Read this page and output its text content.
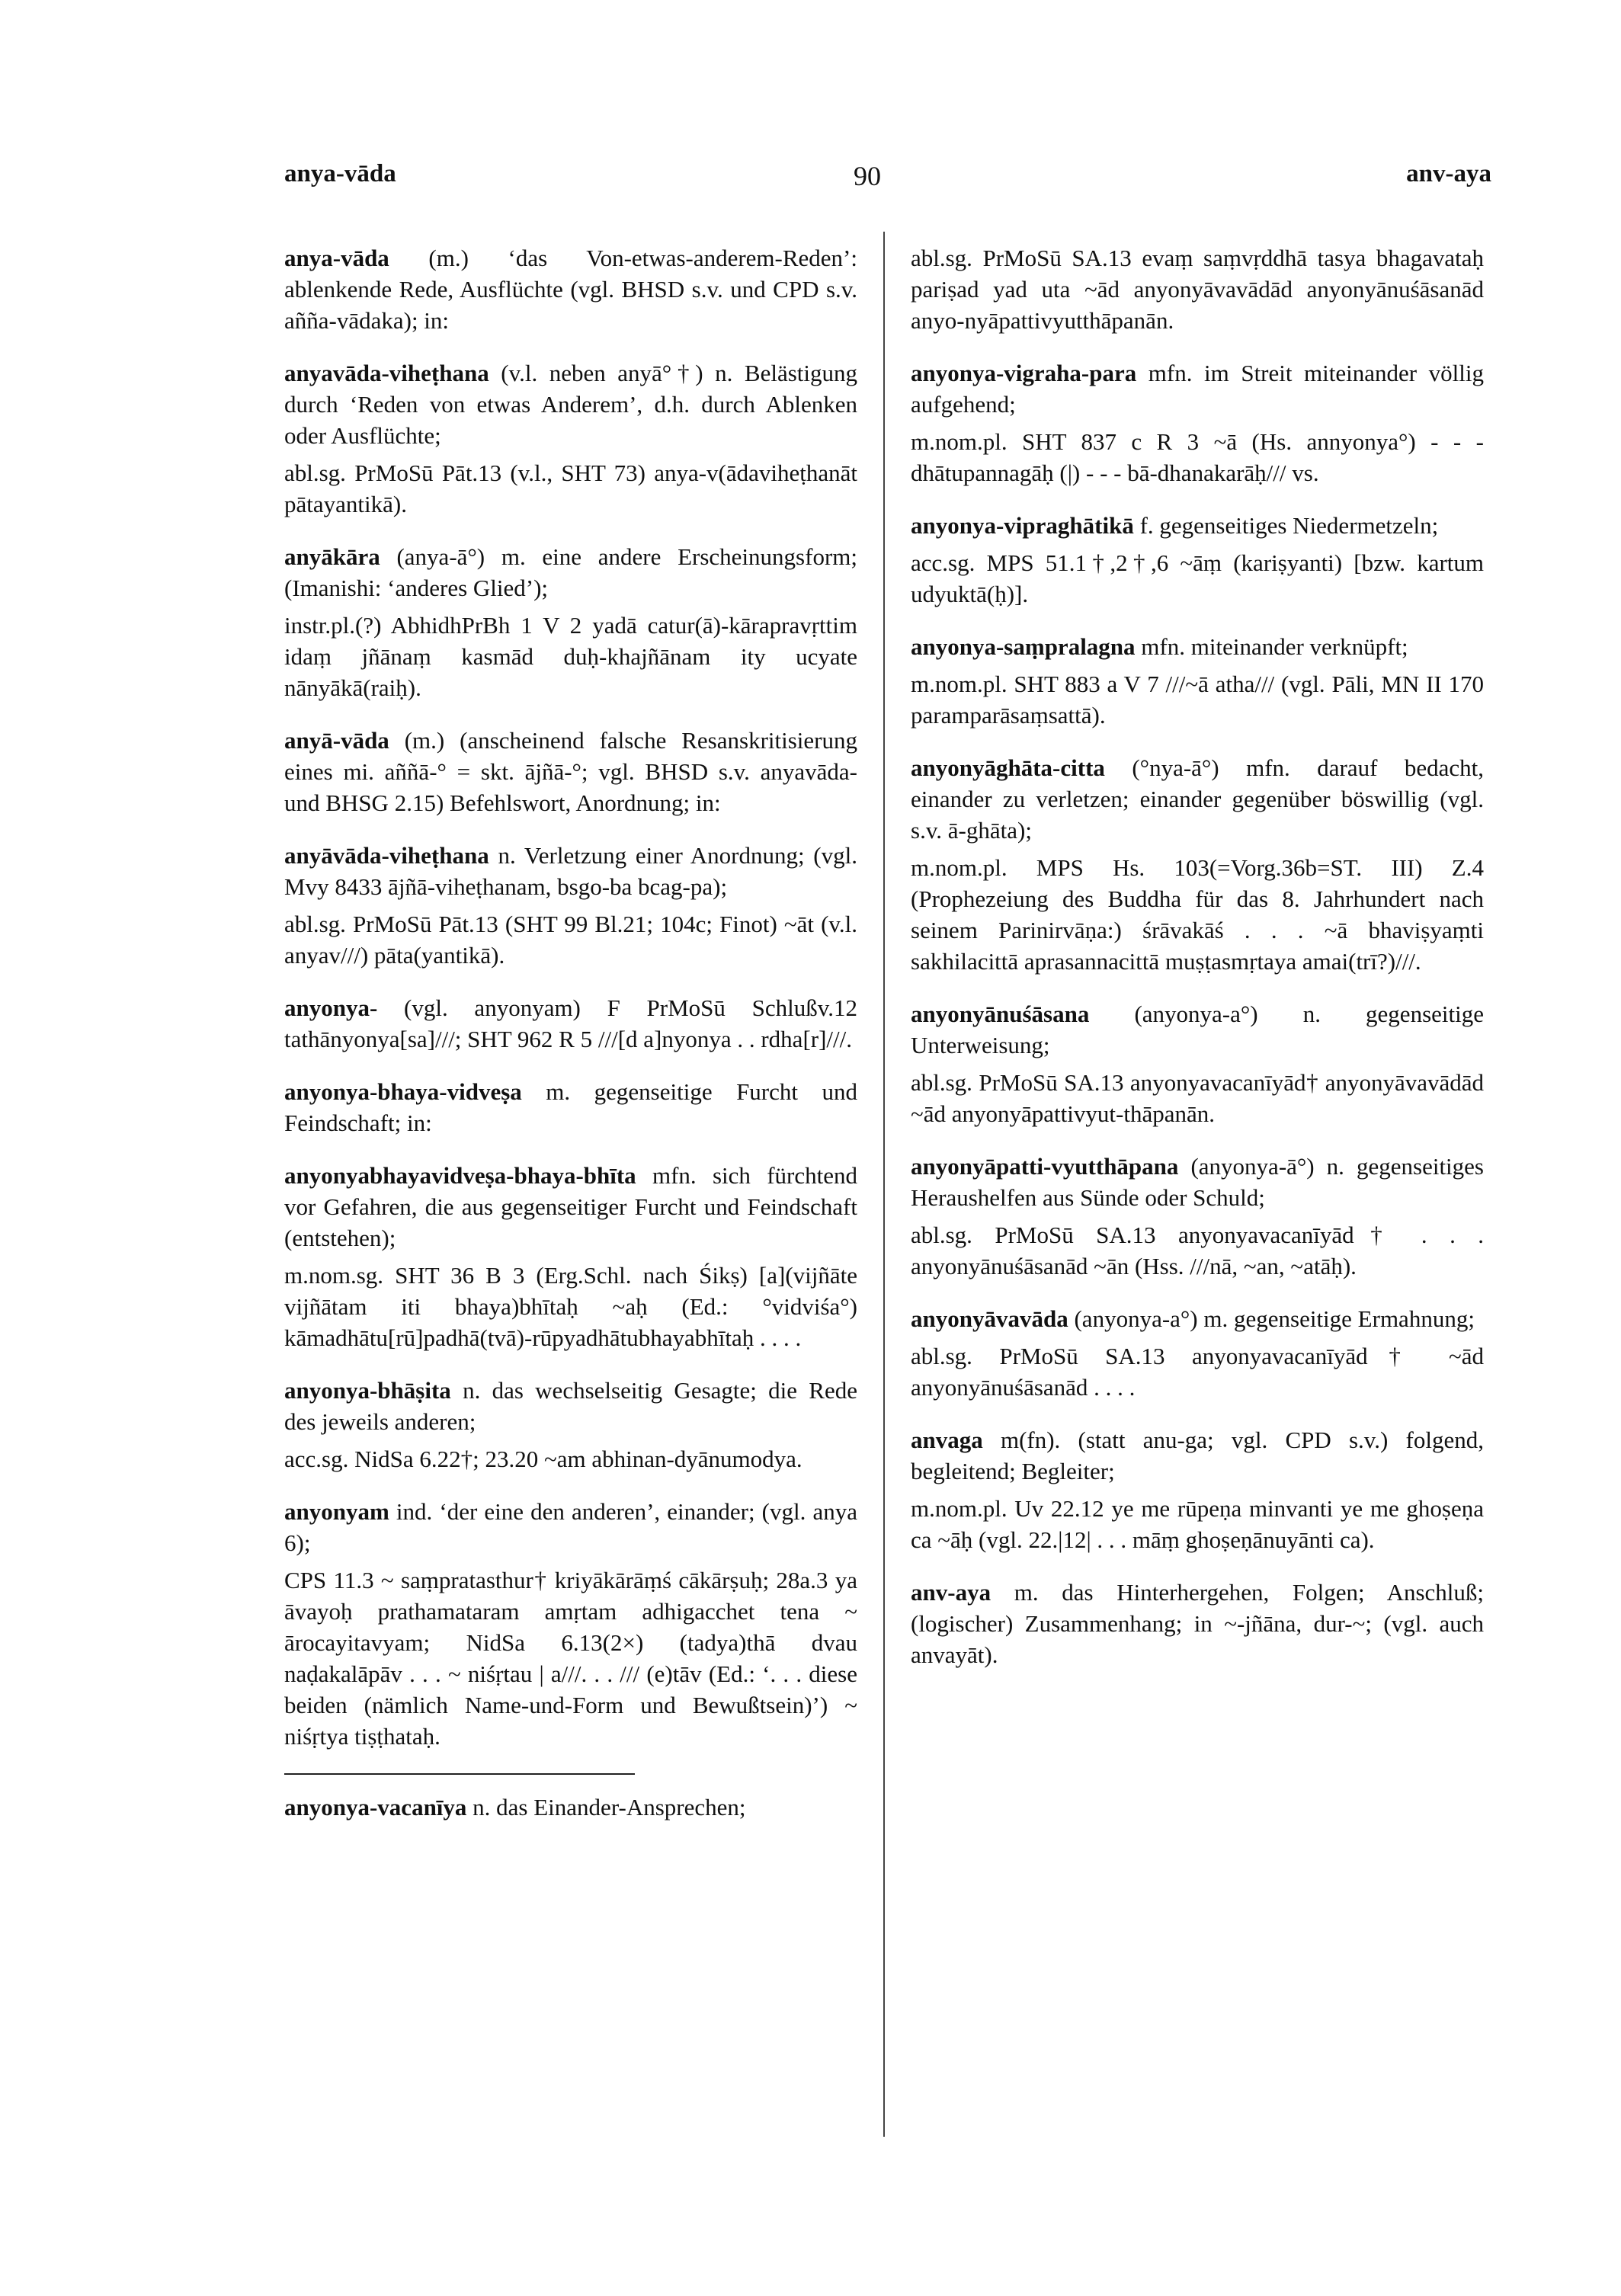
anya-vāda	90	anv-aya

anya-vāda (m.) ‘das Von-etwas-anderem-Reden’: ablenkende Rede, Ausflüchte (vgl. BHSD s.v. und CPD s.v. añña-vādaka); in:

anyavāda-viheṭhana (v.l. neben anyā°†) n. Belästigung durch ‘Reden von etwas Anderem’, d.h. durch Ablenken oder Ausflüchte;

abl.sg. PrMoSū Pāt.13 (v.l., SHT 73) anya-v(ādaviheṭhanāt pātayantikā).

anyākāra (anya-ā°) m. eine andere Erscheinungsform; (Imanishi: ‘anderes Glied’);

instr.pl.(?) AbhidhPrBh 1 V 2 yadā catur(ā)-kārapravṛttim idaṃ jñānaṃ kasmād duḥ-khajñānam ity ucyate nānyākā(raiḥ).

anyā-vāda (m.) (anscheinend falsche Resanskritisierung eines mi. aññā-° = skt. ājñā-°; vgl. BHSD s.v. anyavāda- und BHSG 2.15) Befehlswort, Anordnung; in:

anyāvāda-viheṭhana n. Verletzung einer Anordnung; (vgl. Mvy 8433 ājñā-viheṭhanam, bsgo-ba bcag-pa);

abl.sg. PrMoSū Pāt.13 (SHT 99 Bl.21; 104c; Finot) ~āt (v.l. anyav///) pāta(yantikā).

anyonya- (vgl. anyonyam) F PrMoSū Schlußv.12 tathānyonya[sa]///; SHT 962 R 5 ///[d a]nyonya . . rdha[r]///.

anyonya-bhaya-vidveṣa m. gegenseitige Furcht und Feindschaft; in:

anyonyabhayavidveṣa-bhaya-bhīta mfn. sich fürchtend vor Gefahren, die aus gegenseitiger Furcht und Feindschaft (entstehen);

m.nom.sg. SHT 36 B 3 (Erg.Schl. nach Śikṣ) [a](vijñāte vijñātam iti bhaya)bhītaḥ ~aḥ (Ed.: °vidviśa°) kāmadhātu[rū]padhā(tvā)-rūpyadhātubhayabhītaḥ . . . .

anyonya-bhāṣita n. das wechselseitig Gesagte; die Rede des jeweils anderen;

acc.sg. NidSa 6.22†; 23.20 ~am abhinan-dyānumodya.

anyonyam ind. ‘der eine den anderen’, einander; (vgl. anya 6);

CPS 11.3 ~ saṃpratasthur† kriyākārāṃś cākārṣuḥ; 28a.3 ya āvayoḥ prathamataram amṛtam adhigacchet tena ~ ārocayitavyam; NidSa 6.13(2×) (tadya)thā dvau naḍakalāpāv . . . ~ niśṛtau | a///. . . /// (e)tāv (Ed.: ‘. . . diese beiden (nämlich Name-und-Form und Bewußtsein)’) ~ niśṛtya tiṣṭhataḥ.

anyonya-vacanīya n. das Einander-Ansprechen;

abl.sg. PrMoSū SA.13 evaṃ saṃvṛddhā tasya bhagavataḥ pariṣad yad uta ~ād anyonyāvavādād anyonyānuśāsanād anyo-nyāpattivyutthāpanān.

anyonya-vigraha-para mfn. im Streit miteinander völlig aufgehend;

m.nom.pl. SHT 837 c R 3 ~ā (Hs. annyonya°) - - - dhātupannagāḥ (|) - - - bā-dhanakarāḥ/// vs.

anyonya-vipraghātikā f. gegenseitiges Niedermetzeln;

acc.sg. MPS 51.1†,2†,6 ~āṃ (kariṣyanti) [bzw. kartum udyuktā(ḥ)].

anyonya-saṃpralagna mfn. miteinander verknüpft;

m.nom.pl. SHT 883 a V 7 ///~ā atha/// (vgl. Pāli, MN II 170 paramparāsaṃsattā).

anyonyāghāta-citta (°nya-ā°) mfn. darauf bedacht, einander zu verletzen; einander gegenüber böswillig (vgl. s.v. ā-ghāta);

m.nom.pl. MPS Hs. 103(=Vorg.36b=ST. III) Z.4 (Prophezeiung des Buddha für das 8. Jahrhundert nach seinem Parinirvāṇa:) śrāvakāś . . . ~ā bhaviṣyaṃti sakhilacittā aprasannacittā muṣṭasmṛtaya amai(trī?)///.

anyonyānuśāsana (anyonya-a°) n. gegenseitige Unterweisung;

abl.sg. PrMoSū SA.13 anyonyavacanīyād† anyonyāvavādād ~ād anyonyāpattivyut-thāpanān.

anyonyāpatti-vyutthāpana (anyonya-ā°) n. gegenseitiges Heraushelfen aus Sünde oder Schuld;

abl.sg. PrMoSū SA.13 anyonyavacanīyād† . . . anyonyānuśāsanād ~ān (Hss. ///nā, ~an, ~atāḥ).

anyonyāvavāda (anyonya-a°) m. gegenseitige Ermahnung;

abl.sg. PrMoSū SA.13 anyonyavacanīyād† ~ād anyonyānuśāsanād . . . .

anvaga m(fn). (statt anu-ga; vgl. CPD s.v.) folgend, begleitend; Begleiter;

m.nom.pl. Uv 22.12 ye me rūpeṇa minvanti ye me ghoṣeṇa ca ~āḥ (vgl. 22.|12| . . . māṃ ghoṣeṇānuyānti ca).

anv-aya m. das Hinterhergehen, Folgen; Anschluß; (logischer) Zusammenhang; in ~-jñāna, dur-~; (vgl. auch anvayāt).
